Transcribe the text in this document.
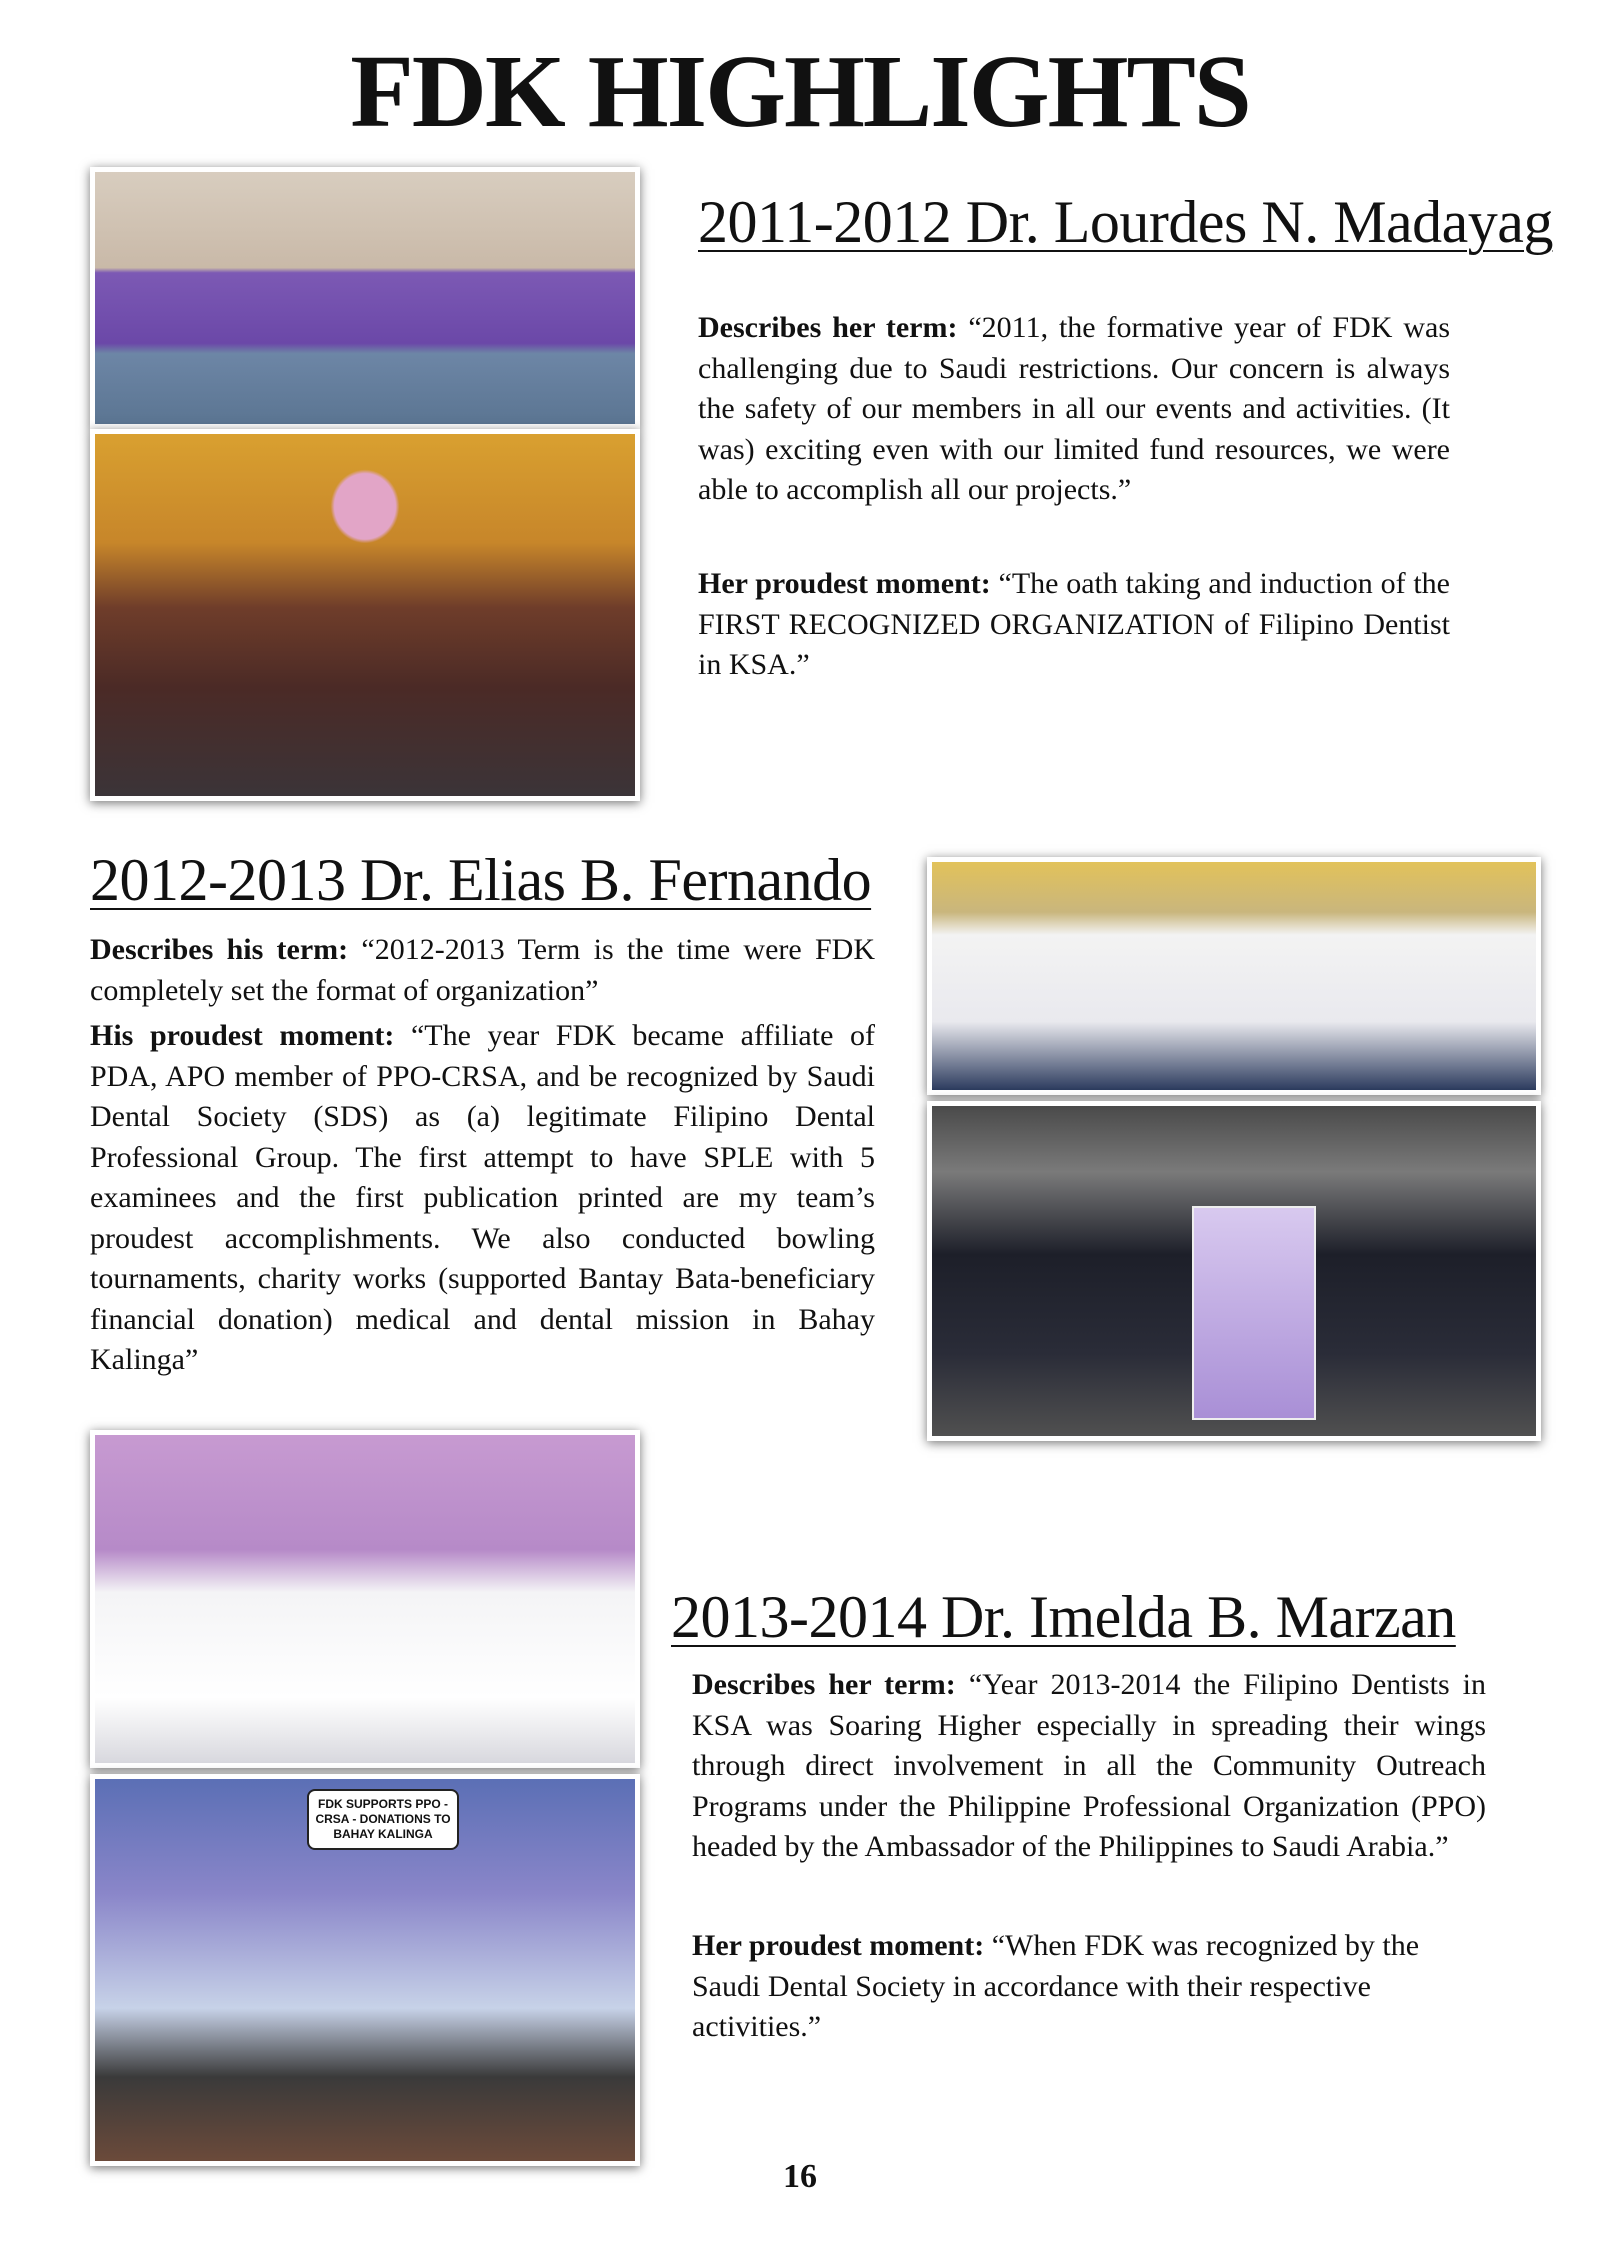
FDK HIGHLIGHTS
2011-2012 Dr. Lourdes N. Madayag

Describes her term: “2011, the formative year of FDK was challenging due to Saudi restrictions. Our concern is always the safety of our members in all our events and activities. (It was) exciting even with our limited fund resources, we were able to accomplish all our projects.”

Her proudest moment: “The oath taking and induction of the FIRST RECOGNIZED ORGANIZATION of Filipino Dentist in KSA.”

2012-2013 Dr. Elias B. Fernando

Describes his term: “2012-2013 Term is the time were FDK completely set the format of organization”

His proudest moment: “The year FDK became affiliate of PDA, APO member of PPO-CRSA, and be recognized by Saudi Dental Society (SDS) as (a) legitimate Filipino Dental Professional Group. The first attempt to have SPLE with 5 examinees and the first publication printed are my team’s proudest accomplishments. We also conducted bowling tournaments, charity works (supported Bantay Bata-beneficiary financial donation) medical and dental mission in Bahay Kalinga”

FDK SUPPORTS PPO -CRSA - DONATIONS TO BAHAY KALINGA
2013-2014 Dr. Imelda B. Marzan

Describes her term: “Year 2013-2014 the Filipino Dentists in KSA was Soaring Higher especially in spreading their wings through direct involvement in all the Community Outreach Programs under the Philippine Professional Organization (PPO) headed by the Ambassador of the Philippines to Saudi Arabia.”

Her proudest moment: “When FDK was recognized by the Saudi Dental Society in accordance with their respective activities.”

16
